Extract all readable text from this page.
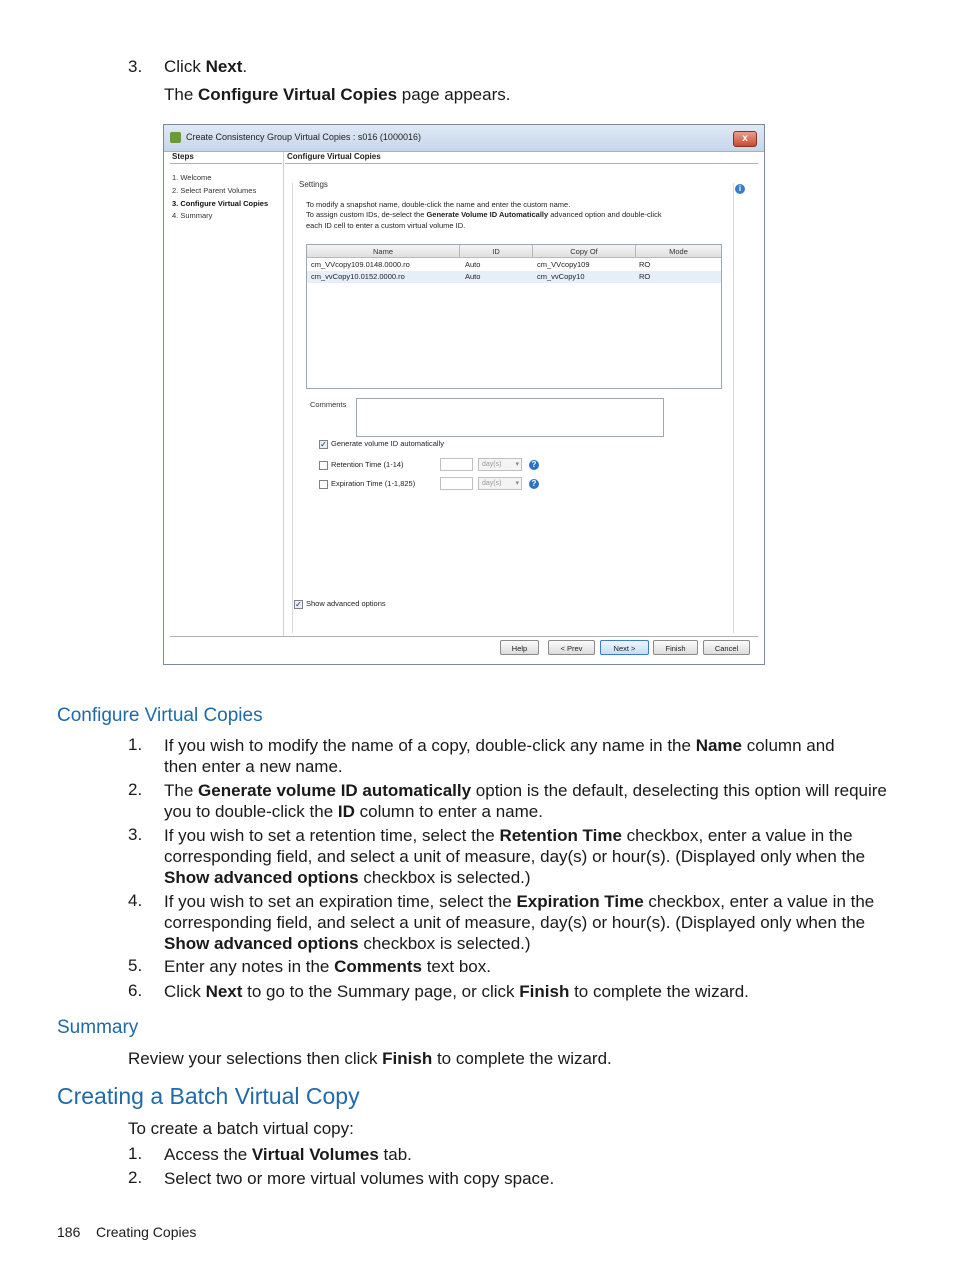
3. Click Next.
The Configure Virtual Copies page appears.
Create Consistency Group Virtual Copies : s016 (1000016)	x
Steps
1. Welcome
2. Select Parent Volumes
3. Configure Virtual Copies
4. Summary
Configure Virtual Copies
Settings	i
To modify a snapshot name, double-click the name and enter the custom name.
To assign custom IDs, de-select the Generate Volume ID Automatically advanced option and double-click
each ID cell to enter a custom virtual volume ID.
Name	ID	Copy Of	Mode
cm_VVcopy109.0148.0000.ro	Auto	cm_VVcopy109	RO
cm_vvCopy10.0152.0000.ro	Auto	cm_vvCopy10	RO
Comments
✓ Generate volume ID automatically
Retention Time (1-14)	day(s) ▾	?
Expiration Time (1-1,825)	day(s) ▾	?
✓ Show advanced options
Help	< Prev	Next >	Finish	Cancel
Configure Virtual Copies
1. If you wish to modify the name of a copy, double-click any name in the Name column and
then enter a new name.
2. The Generate volume ID automatically option is the default, deselecting this option will require
you to double-click the ID column to enter a name.
3. If you wish to set a retention time, select the Retention Time checkbox, enter a value in the
corresponding field, and select a unit of measure, day(s) or hour(s). (Displayed only when the
Show advanced options checkbox is selected.)
4. If you wish to set an expiration time, select the Expiration Time checkbox, enter a value in the
corresponding field, and select a unit of measure, day(s) or hour(s). (Displayed only when the
Show advanced options checkbox is selected.)
5. Enter any notes in the Comments text box.
6. Click Next to go to the Summary page, or click Finish to complete the wizard.
Summary
Review your selections then click Finish to complete the wizard.
Creating a Batch Virtual Copy
To create a batch virtual copy:
1. Access the Virtual Volumes tab.
2. Select two or more virtual volumes with copy space.
186 Creating Copies
